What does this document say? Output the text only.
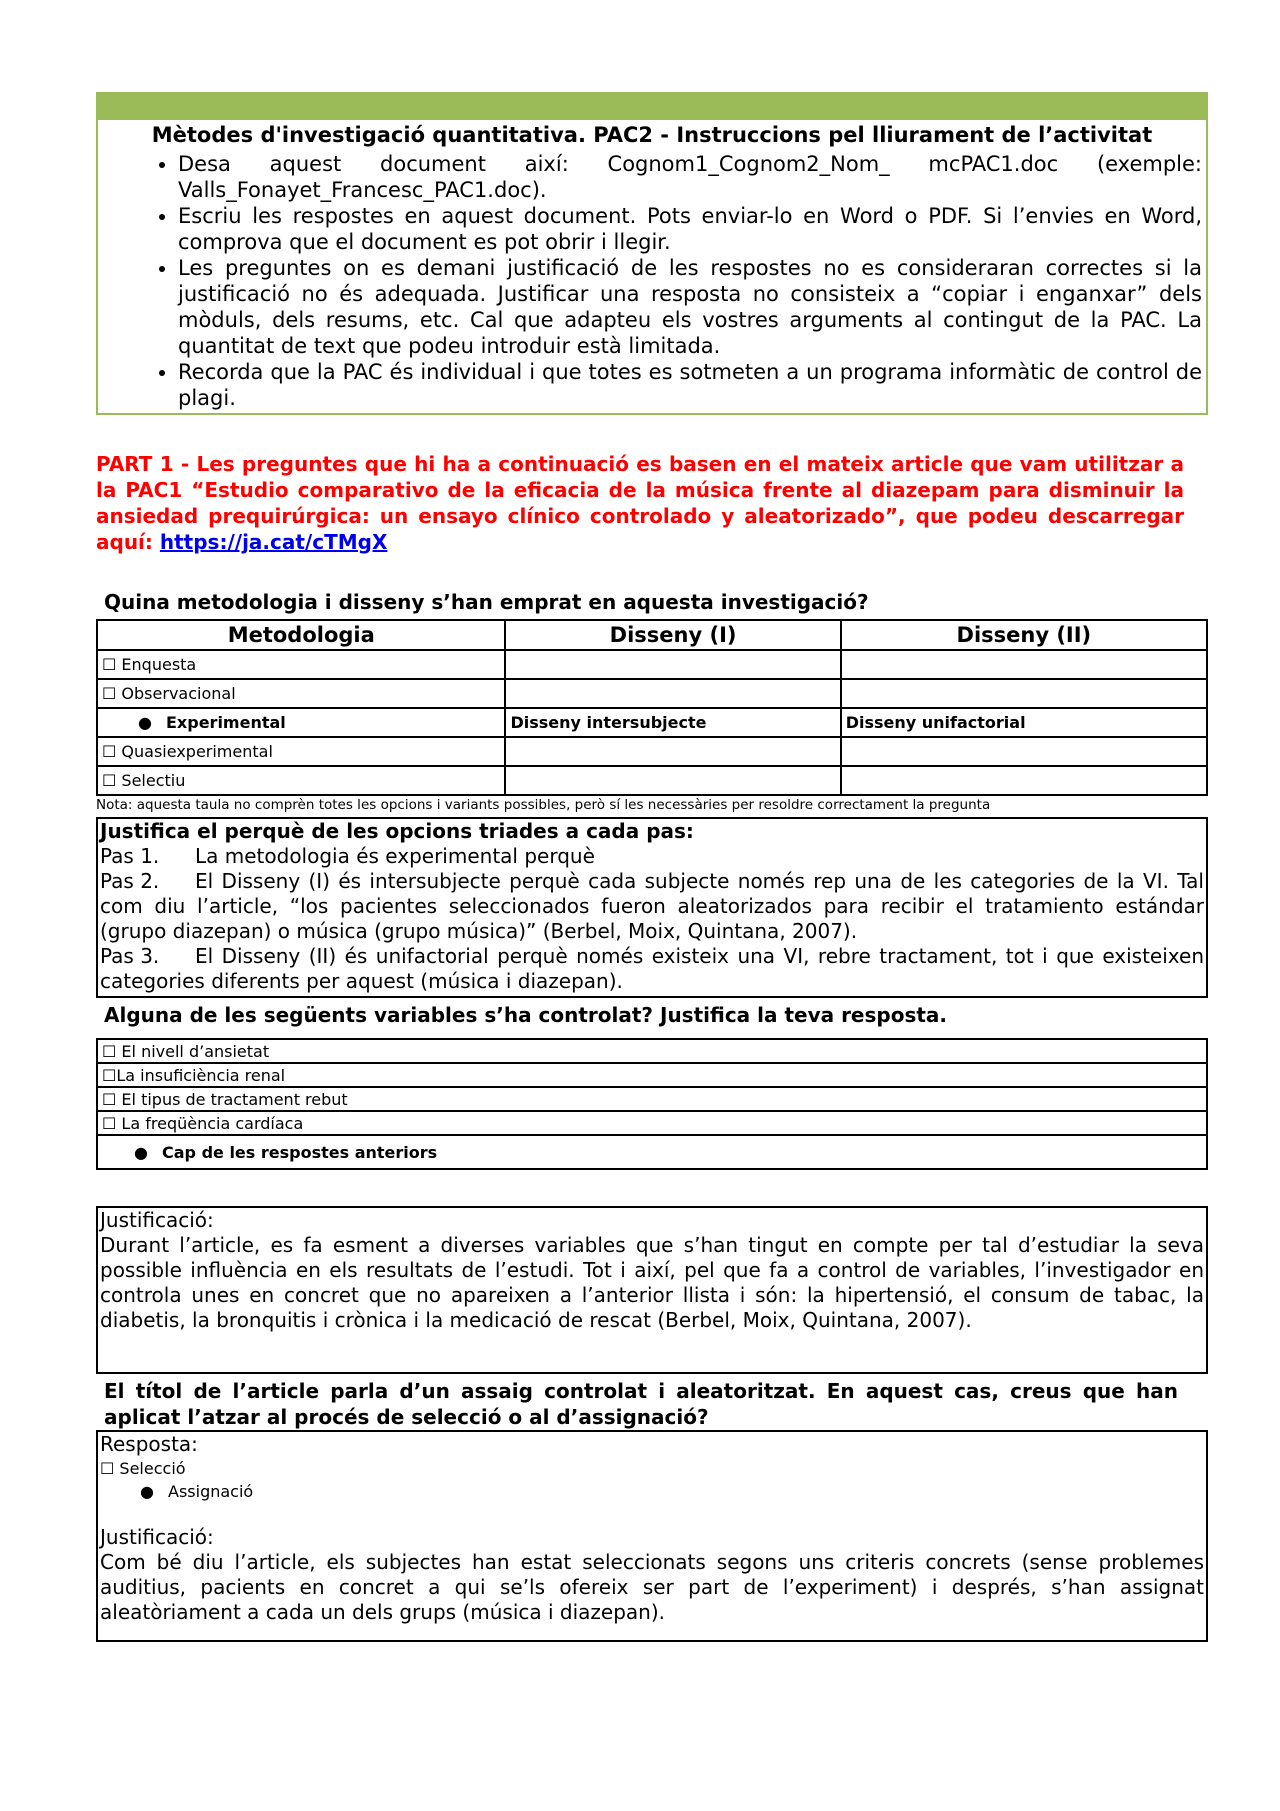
Mètodes d'investigació quantitativa. PAC2 - Instruccions pel lliurament de l’activitat
• Desa aquest document així: Cognom1_Cognom2_Nom_ mcPAC1.doc (exemple: Valls_Fonayet_Francesc_PAC1.doc).
• Escriu les respostes en aquest document. Pots enviar-lo en Word o PDF. Si l’envies en Word, comprova que el document es pot obrir i llegir.
• Les preguntes on es demani justificació de les respostes no es consideraran correctes si la justificació no és adequada. Justificar una resposta no consisteix a “copiar i enganxar” dels mòduls, dels resums, etc. Cal que adapteu els vostres arguments al contingut de la PAC. La quantitat de text que podeu introduir està limitada.
• Recorda que la PAC és individual i que totes es sotmeten a un programa informàtic de control de plagi.
PART 1 - Les preguntes que hi ha a continuació es basen en el mateix article que vam utilitzar a la PAC1 “Estudio comparativo de la eficacia de la música frente al diazepam para disminuir la ansiedad prequirúrgica: un ensayo clínico controlado y aleatorizado”, que podeu descarregar aquí: https://ja.cat/cTMgX
Quina metodologia i disseny s’han emprat en aquesta investigació?
Metodologia	Disseny (I)	Disseny (II)
☐ Enquesta		
☐ Observacional		
● Experimental	Disseny intersubjecte	Disseny unifactorial
☐ Quasiexperimental		
☐ Selectiu		
Nota: aquesta taula no comprèn totes les opcions i variants possibles, però sí les necessàries per resoldre correctament la pregunta

Justifica el perquè de les opcions triades a cada pas:

Pas 1. La metodologia és experimental perquè

Pas 2. El Disseny (I) és intersubjecte perquè cada subjecte només rep una de les categories de la VI. Tal com diu l’article, “los pacientes seleccionados fueron aleatorizados para recibir el tratamiento estándar (grupo diazepan) o música (grupo música)” (Berbel, Moix, Quintana, 2007).

Pas 3. El Disseny (II) és unifactorial perquè només existeix una VI, rebre tractament, tot i que existeixen categories diferents per aquest (música i diazepan).

Alguna de les següents variables s’ha controlat? Justifica la teva resposta.
☐ El nivell d’ansietat
☐La insuficiència renal
☐ El tipus de tractament rebut
☐ La freqüència cardíaca
● Cap de les respostes anteriors

Justificació:

Durant l’article, es fa esment a diverses variables que s’han tingut en compte per tal d’estudiar la seva possible influència en els resultats de l’estudi. Tot i així, pel que fa a control de variables, l’investigador en controla unes en concret que no apareixen a l’anterior llista i són: la hipertensió, el consum de tabac, la diabetis, la bronquitis i crònica i la medicació de rescat (Berbel, Moix, Quintana, 2007).

El títol de l’article parla d’un assaig controlat i aleatoritzat. En aquest cas, creus que han aplicat l’atzar al procés de selecció o al d’assignació?

Resposta:

☐ Selecció
● Assignació

Justificació:

Com bé diu l’article, els subjectes han estat seleccionats segons uns criteris concrets (sense problemes auditius, pacients en concret a qui se’ls ofereix ser part de l’experiment) i després, s’han assignat aleatòriament a cada un dels grups (música i diazepan).
